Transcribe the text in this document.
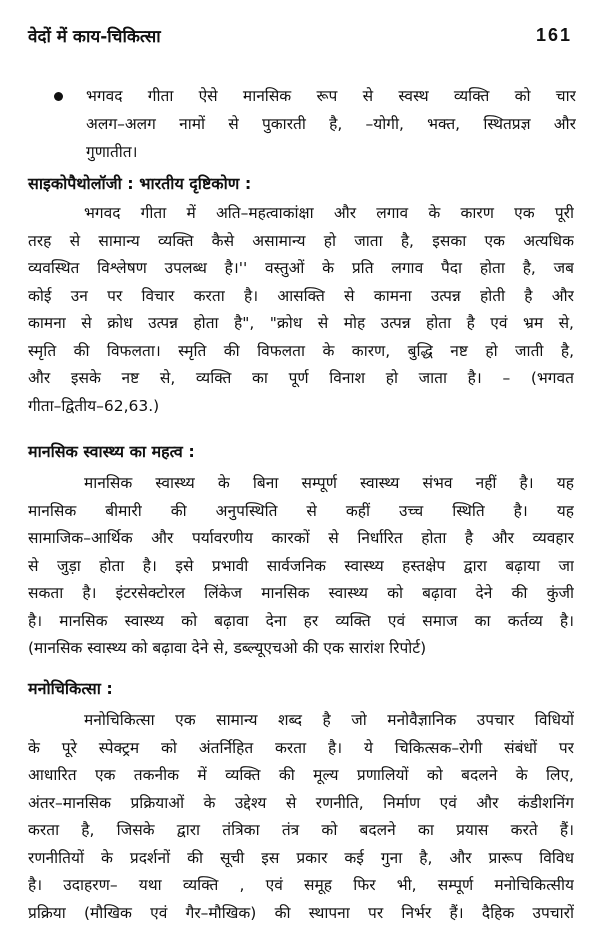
वेदों में काय-चिकित्सा	161
भगवद गीता ऐसे मानसिक रूप से स्वस्थ व्यक्ति को चार
अलग–अलग नामों से पुकारती है, –योगी, भक्त, स्थितप्रज्ञ और
गुणातीत।
साइकोपैथोलॉजी : भारतीय दृष्टिकोण :
भगवद गीता में अति–महत्वाकांक्षा और लगाव के कारण एक पूरी
तरह से सामान्य व्यक्ति कैसे असामान्य हो जाता है, इसका एक अत्यधिक
व्यवस्थित विश्लेषण उपलब्ध है।'' वस्तुओं के प्रति लगाव पैदा होता है, जब
कोई उन पर विचार करता है। आसक्ति से कामना उत्पन्न होती है और
कामना से क्रोध उत्पन्न होता है", "क्रोध से मोह उत्पन्न होता है एवं भ्रम से,
स्मृति की विफलता। स्मृति की विफलता के कारण, बुद्धि नष्ट हो जाती है,
और इसके नष्ट से, व्यक्ति का पूर्ण विनाश हो जाता है। – (भगवत
गीता–द्वितीय–62,63.)
मानसिक स्वास्थ्य का महत्व :
मानसिक स्वास्थ्य के बिना सम्पूर्ण स्वास्थ्य संभव नहीं है। यह
मानसिक बीमारी की अनुपस्थिति से कहीं उच्च स्थिति है। यह
सामाजिक–आर्थिक और पर्यावरणीय कारकों से निर्धारित होता है और व्यवहार
से जुड़ा होता है। इसे प्रभावी सार्वजनिक स्वास्थ्य हस्तक्षेप द्वारा बढ़ाया जा
सकता है। इंटरसेक्टोरल लिंकेज मानसिक स्वास्थ्य को बढ़ावा देने की कुंजी
है। मानसिक स्वास्थ्य को बढ़ावा देना हर व्यक्ति एवं समाज का कर्तव्य है।
(मानसिक स्वास्थ्य को बढ़ावा देने से, डब्ल्यूएचओ की एक सारांश रिपोर्ट)
मनोचिकित्सा :
मनोचिकित्सा एक सामान्य शब्द है जो मनोवैज्ञानिक उपचार विधियों
के पूरे स्पेक्ट्रम को अंतर्निहित करता है। ये चिकित्सक–रोगी संबंधों पर
आधारित एक तकनीक में व्यक्ति की मूल्य प्रणालियों को बदलने के लिए,
अंतर–मानसिक प्रक्रियाओं के उद्देश्य से रणनीति, निर्माण एवं और कंडीशनिंग
करता है, जिसके द्वारा तंत्रिका तंत्र को बदलने का प्रयास करते हैं।
रणनीतियों के प्रदर्शनों की सूची इस प्रकार कई गुना है, और प्रारूप विविध
है। उदाहरण– यथा व्यक्ति , एवं समूह फिर भी, सम्पूर्ण मनोचिकित्सीय
प्रक्रिया (मौखिक एवं गैर–मौखिक) की स्थापना पर निर्भर हैं। दैहिक उपचारों
